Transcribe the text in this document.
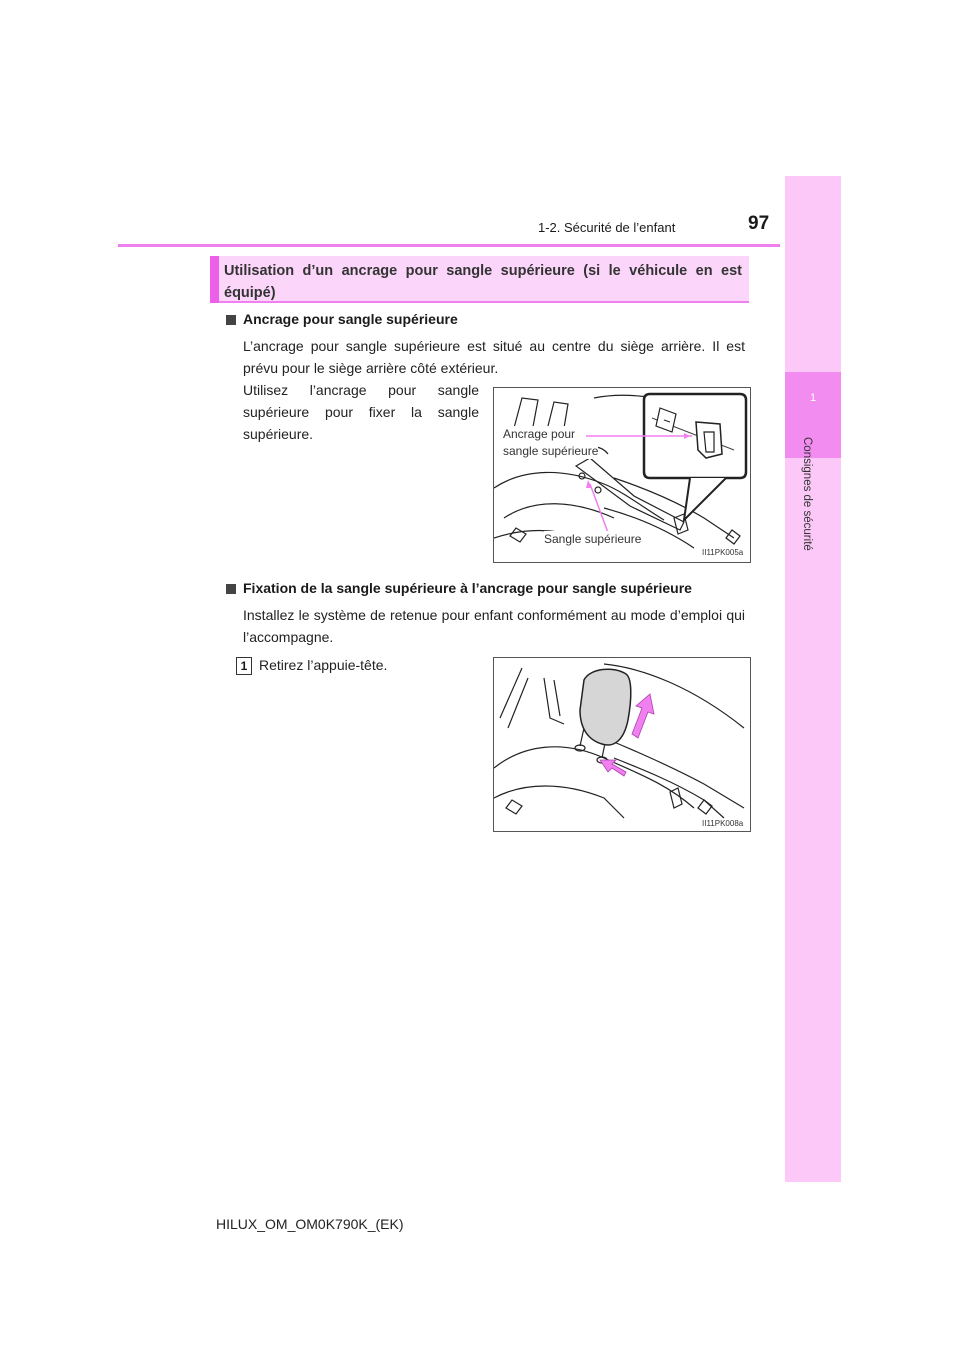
97
1-2. Sécurité de l’enfant
1
Consignes de sécurité
Utilisation d’un ancrage pour sangle supérieure (si le véhicule en est équipé)
Ancrage pour sangle supérieure
L’ancrage pour sangle supérieure est situé au centre du siège arrière. Il est prévu pour le siège arrière côté extérieur.
Utilisez l’ancrage pour sangle supérieure pour fixer la sangle supérieure.	Ancrage pour
sangle supérieure
Sangle supérieure
II11PK005a
Fixation de la sangle supérieure à l’ancrage pour sangle supérieure
Installez le système de retenue pour enfant conformément au mode d’emploi qui l’accompagne.
1 Retirez l’appuie-tête.
II11PK008a
HILUX_OM_OM0K790K_(EK)
